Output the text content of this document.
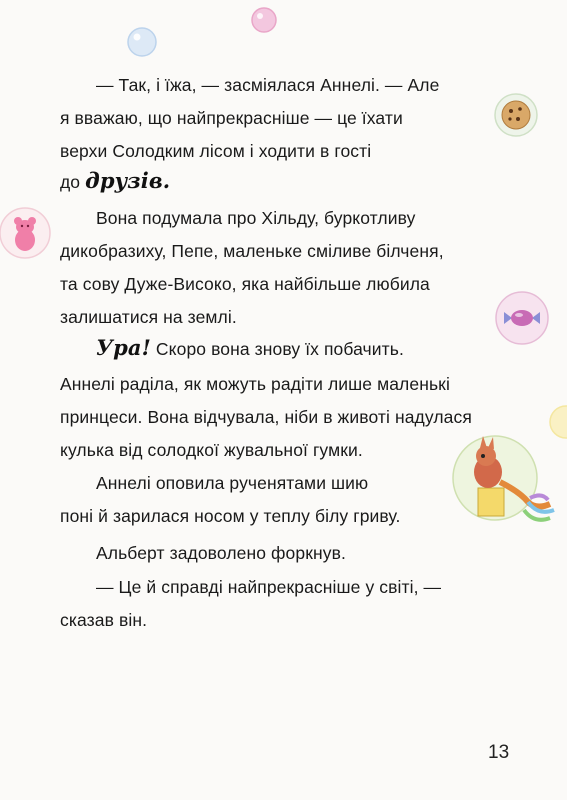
— Так, і їжа, — засміялася Аннелі. — Але
я вважаю, що найпрекрасніше — це їхати
верхи Солодким лісом і ходити в гості
до друзів.
Вона подумала про Хільду, буркотливу
дикобразиху, Пепе, маленьке сміливе білченя,
та сову Дуже-Високо, яка найбільше любила
залишатися на землі.
Ура! Скоро вона знову їх побачить.
Аннелі раділа, як можуть радіти лише маленькі
принцеси. Вона відчувала, ніби в животі надулася
кулька від солодкої жувальної гумки.
Аннелі оповила рученятами шию
поні й зарилася носом у теплу білу гриву.
Альберт задоволено форкнув.
— Це й справді найпрекрасніше у світі, —
сказав він.
13
